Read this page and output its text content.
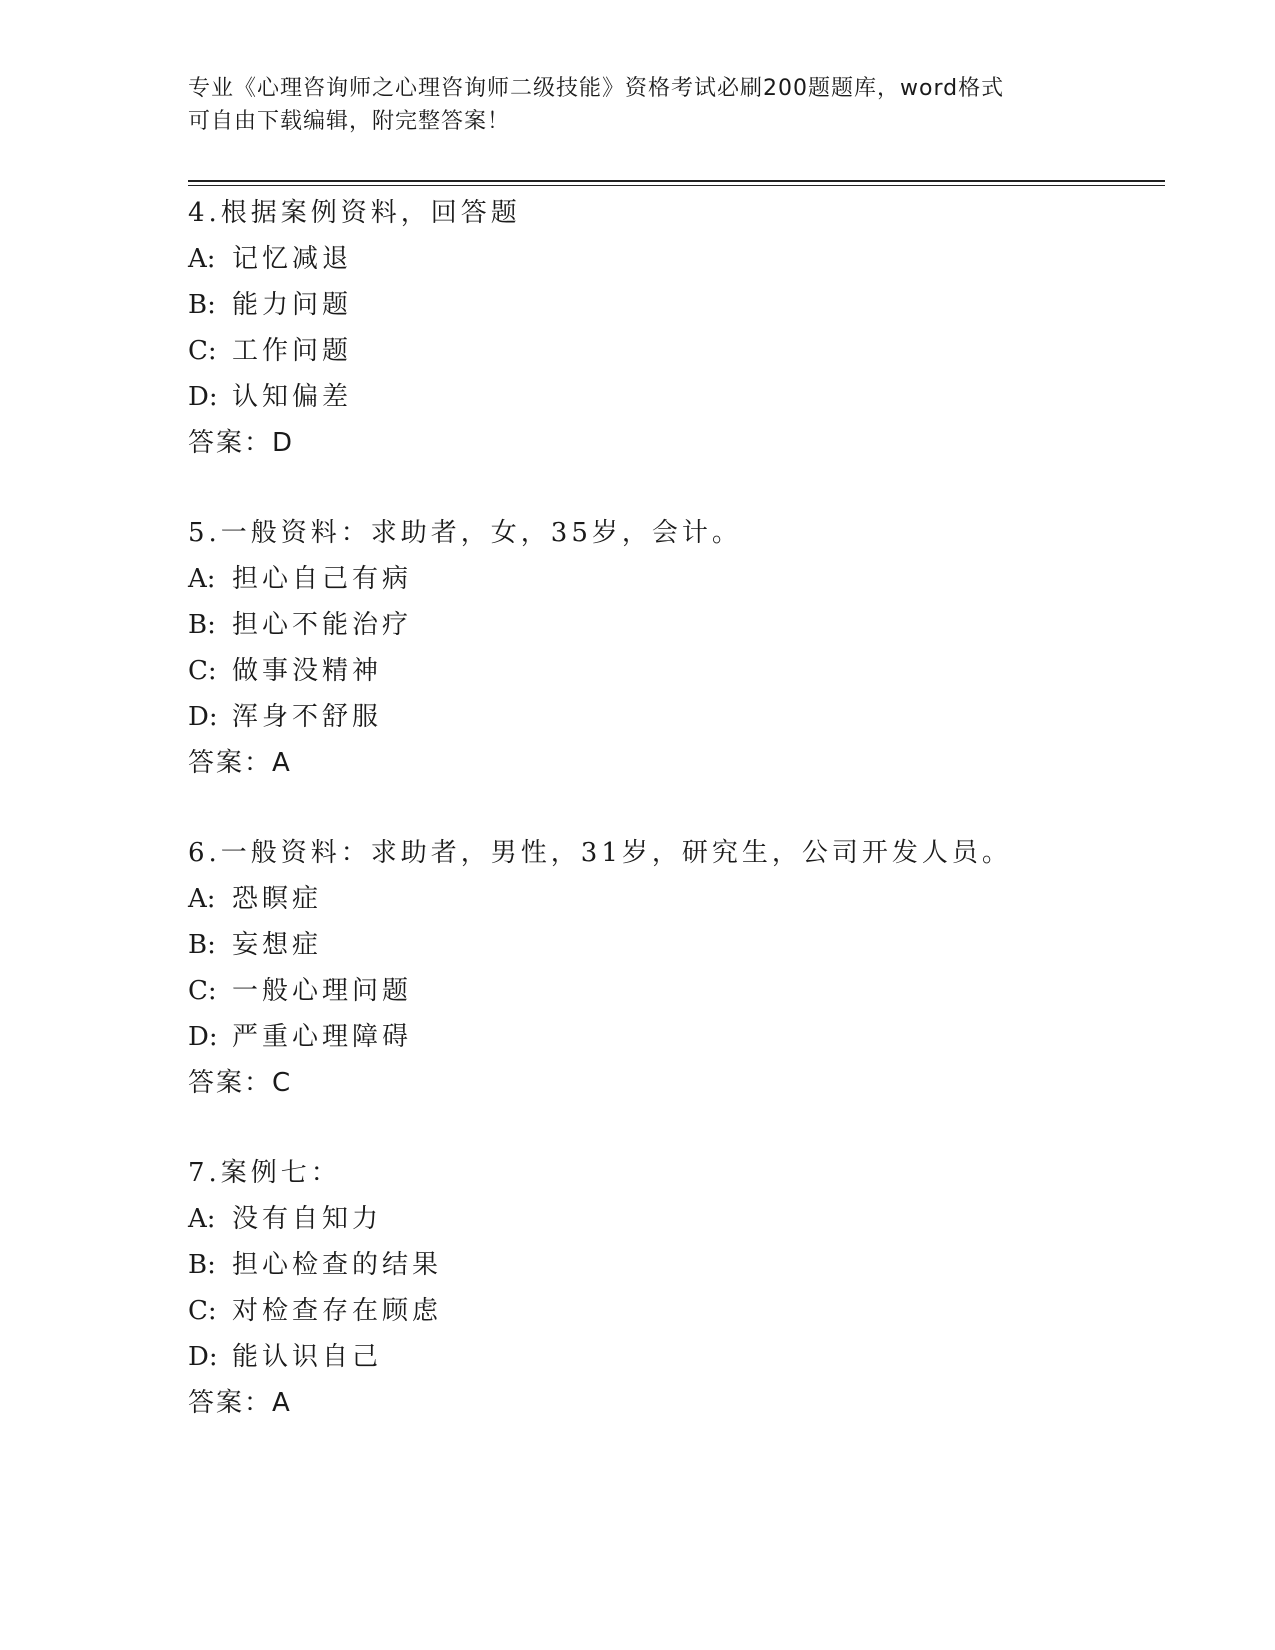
专业《心理咨询师之心理咨询师二级技能》资格考试必刷200题题库，word格式

可自由下载编辑，附完整答案！

4.根据案例资料，回答题
A: 记忆减退
B: 能力问题
C: 工作问题
D: 认知偏差
答案：D
5.一般资料：求助者，女，35岁，会计。
A: 担心自己有病
B: 担心不能治疗
C: 做事没精神
D: 浑身不舒服
答案：A
6.一般资料：求助者，男性，31岁，研究生，公司开发人员。
A: 恐瞑症
B: 妄想症
C: 一般心理问题
D: 严重心理障碍
答案：C
7.案例七：
A: 没有自知力
B: 担心检查的结果
C: 对检查存在顾虑
D: 能认识自己
答案：A
